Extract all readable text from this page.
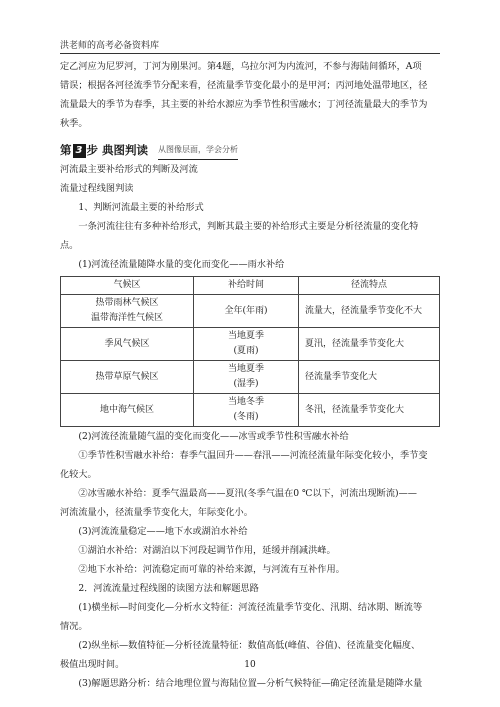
洪老师的高考必备资料库

定乙河应为尼罗河，丁河为刚果河。第4题，乌拉尔河为内流河，不参与海陆间循环，A项

错误；根据各河径流季节分配来看，径流量季节变化最小的是甲河；丙河地处温带地区，径

流量最大的季节为春季，其主要的补给水源应为季节性积雪融水；丁河径流量最大的季节为

秋季。

第 3 步 典图判读 从图像层面，学会分析

河流最主要补给形式的判断及河流

流量过程线图判读

1、判断河流最主要的补给形式

一条河流往往有多种补给形式，判断其最主要的补给形式主要是分析径流量的变化特

点。

(1)河流径流量随降水量的变化而变化——雨水补给

气候区	补给时间	径流特点

热带雨林气候区
温带海洋性气候区	全年(年雨)	流量大，径流量季节变化不大
季风气候区	当地夏季
(夏雨)	夏汛，径流量季节变化大
热带草原气候区	当地夏季
(湿季)	径流量季节变化大
地中海气候区	当地冬季
(冬雨)	冬汛，径流量季节变化大

(2)河流径流量随气温的变化而变化——冰雪或季节性积雪融水补给

①季节性积雪融水补给：春季气温回升——春汛——河流径流量年际变化较小，季节变

化较大。

②冰雪融水补给：夏季气温最高——夏汛(冬季气温在0 ℃以下，河流出现断流)——

河流流量小，径流量季节变化大，年际变化小。

(3)河流流量稳定——地下水或湖泊水补给

①湖泊水补给：对湖泊以下河段起调节作用，延缓并削减洪峰。

②地下水补给：河流稳定而可靠的补给来源，与河流有互补作用。

2．河流流量过程线图的读图方法和解题思路

(1)横坐标—时间变化—分析水文特征：河流径流量季节变化、汛期、结冰期、断流等

情况。

(2)纵坐标—数值特征—分析径流量特征：数值高低(峰值、谷值)、径流量变化幅度、

极值出现时间。

(3)解题思路分析：结合地理位置与海陆位置—分析气候特征—确定径流量是随降水量

10
